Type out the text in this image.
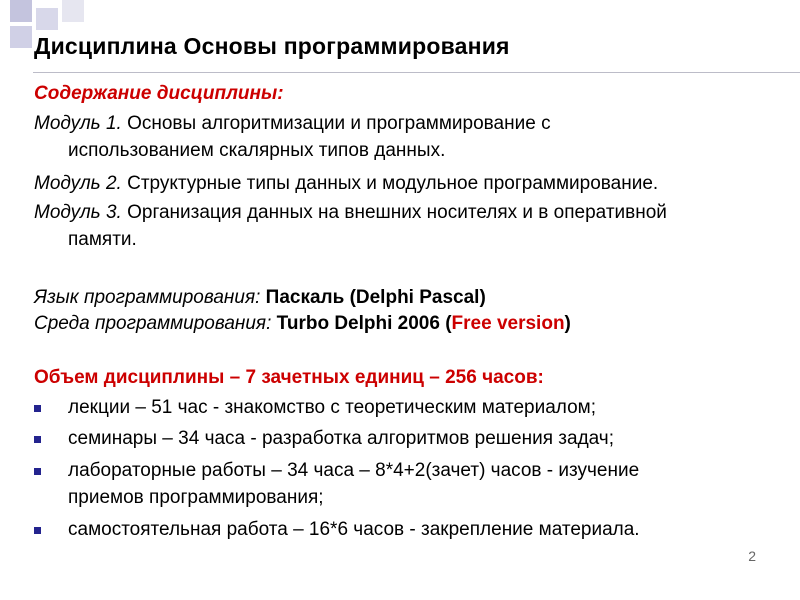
Дисциплина Основы программирования
Содержание дисциплины:
Модуль 1. Основы алгоритмизации и программирование с
использованием скалярных типов данных.
Модуль 2. Структурные типы данных и модульное программирование.
Модуль 3. Организация данных на внешних носителях и в оперативной
памяти.
Язык программирования: Паскаль (Delphi Pascal)
Среда программирования: Turbo Delphi 2006 (Free version)
Объем дисциплины – 7 зачетных единиц – 256 часов:
лекции – 51 час - знакомство с теоретическим материалом;
семинары – 34 часа - разработка алгоритмов решения задач;
лабораторные работы – 34 часа – 8*4+2(зачет) часов - изучение
приемов программирования;
самостоятельная работа – 16*6 часов - закрепление материала.
2
